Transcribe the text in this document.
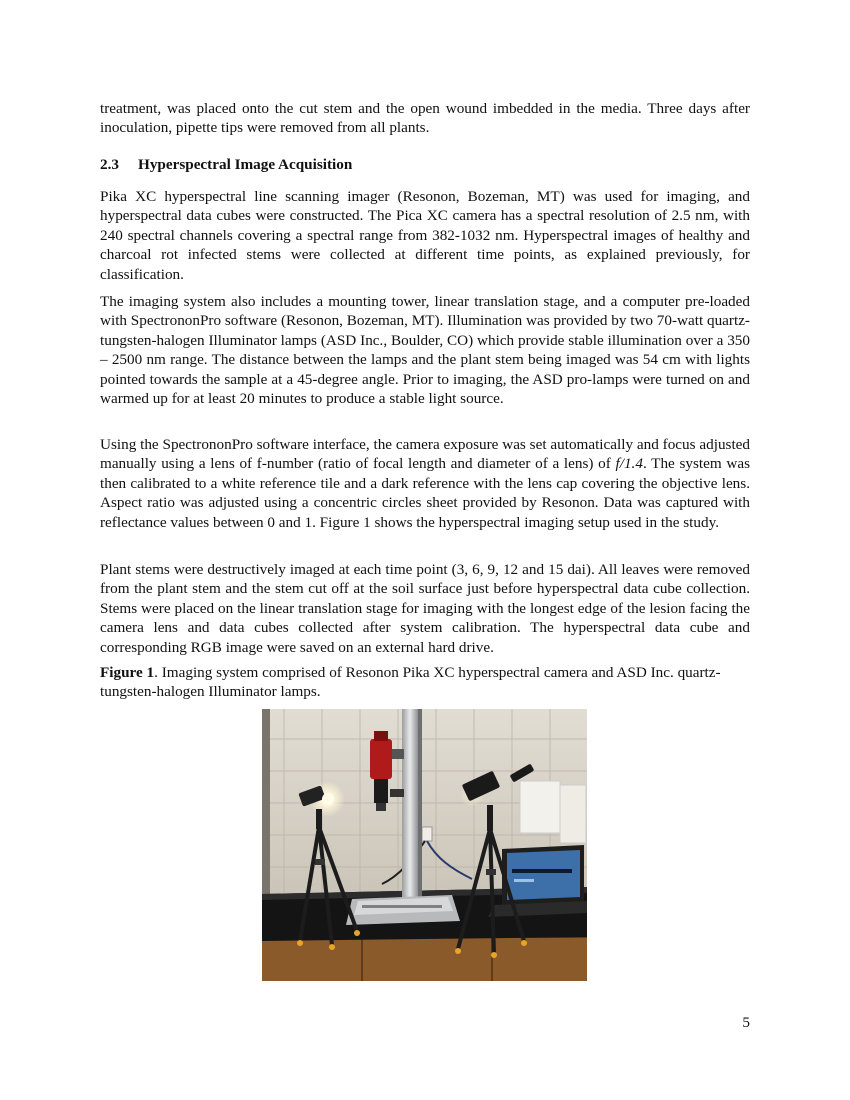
treatment, was placed onto the cut stem and the open wound imbedded in the media. Three days after inoculation, pipette tips were removed from all plants.

2.3 Hyperspectral Image Acquisition

Pika XC hyperspectral line scanning imager (Resonon, Bozeman, MT) was used for imaging, and hyperspectral data cubes were constructed. The Pica XC camera has a spectral resolution of 2.5 nm, with 240 spectral channels covering a spectral range from 382-1032 nm. Hyperspectral images of healthy and charcoal rot infected stems were collected at different time points, as explained previously, for classification.

The imaging system also includes a mounting tower, linear translation stage, and a computer pre-loaded with SpectrononPro software (Resonon, Bozeman, MT). Illumination was provided by two 70-watt quartz-tungsten-halogen Illuminator lamps (ASD Inc., Boulder, CO) which provide stable illumination over a 350 – 2500 nm range. The distance between the lamps and the plant stem being imaged was 54 cm with lights pointed towards the sample at a 45-degree angle. Prior to imaging, the ASD pro-lamps were turned on and warmed up for at least 20 minutes to produce a stable light source.

Using the SpectrononPro software interface, the camera exposure was set automatically and focus adjusted manually using a lens of f-number (ratio of focal length and diameter of a lens) of f/1.4. The system was then calibrated to a white reference tile and a dark reference with the lens cap covering the objective lens. Aspect ratio was adjusted using a concentric circles sheet provided by Resonon. Data was captured with reflectance values between 0 and 1. Figure 1 shows the hyperspectral imaging setup used in the study.

Plant stems were destructively imaged at each time point (3, 6, 9, 12 and 15 dai). All leaves were removed from the plant stem and the stem cut off at the soil surface just before hyperspectral data cube collection. Stems were placed on the linear translation stage for imaging with the longest edge of the lesion facing the camera lens and data cubes collected after system calibration. The hyperspectral data cube and corresponding RGB image were saved on an external hard drive.

Figure 1. Imaging system comprised of Resonon Pika XC hyperspectral camera and ASD Inc. quartz-tungsten-halogen Illuminator lamps.

5
